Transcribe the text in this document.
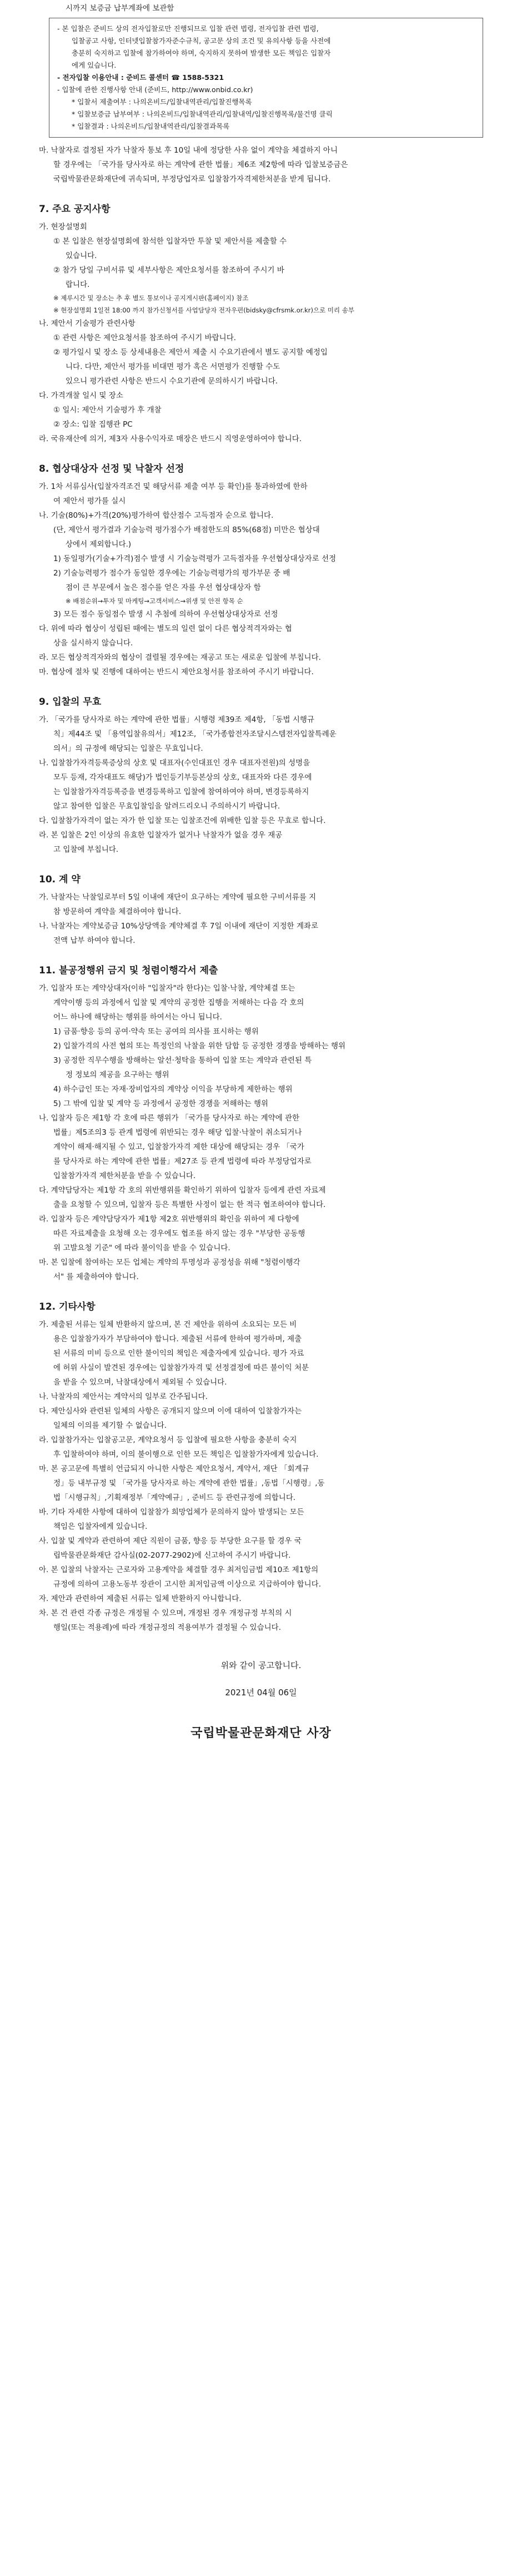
시까지 보증금 납부계좌에 보관함
- 본 입찰은 준비드 상의 전자입찰로만 진행되므로 입찰 관련 법령, 전자입찰 관련 법령,
입찰공고 사항, 인터넷입찰참가자준수규칙, 공고문 상의 조건 및 유의사항 등을 사전에
충분히 숙지하고 입찰에 참가하여야 하며, 숙지하지 못하여 발생한 모든 책임은 입찰자
에게 있습니다.
- 전자입찰 이용안내 : 준비드 콜센터 ☎ 1588-5321
- 입찰에 관한 진행사항 안내 (준비드, http://www.onbid.co.kr)
* 입찰서 제출여부 : 나의온비드/입찰내역관리/입찰진행목록
* 입찰보증금 납부여부 : 나의온비드/입찰내역관리/입찰내역/입찰진행목록/물건명 클릭
* 입찰결과 : 나의온비드/입찰내역관리/입찰결과목록
마. 낙찰자로 결정된 자가 낙찰자 통보 후 10일 내에 정당한 사유 없이 계약을 체결하지 아니
할 경우에는 「국가를 당사자로 하는 계약에 관한 법률」제6조 제2항에 따라 입찰보증금은
국립박물관문화재단에 귀속되며, 부정당업자로 입찰참가자격제한처분을 받게 됩니다.
7. 주요 공지사항
가. 현장설명회
① 본 입찰은 현장설명회에 참석한 입찰자만 투찰 및 제안서를 제출할 수
있습니다.
② 참가 당일 구비서류 및 세부사항은 제안요청서를 참조하여 주시기 바
랍니다.
※ 제루시간 및 장소는 추 후 별도 통보이나 공지게시판(홈페이지) 참조
※ 현장설명회 1일전 18:00 까지 참가신청서를 사업담당자 전자우편(bidsky@cfrsmk.or.kr)으로 미리 송부
나. 제안서 기술평가 관련사항
① 관련 사항은 제안요청서를 참조하여 주시기 바랍니다.
② 평가일시 및 장소 등 상세내용은 제안서 제출 시 수요기관에서 별도 공지할 예정입
니다. 다만, 제안서 평가를 비대면 평가 혹은 서면평가 진행할 수도
있으니 평가관련 사항은 반드시 수요기관에 문의하시기 바랍니다.
다. 가격개찰 일시 및 장소
① 일시: 제안서 기술평가 후 개찰
② 장소: 입찰 집행관 PC
라. 국유재산에 의거, 제3자 사용수익자로 매장은 반드시 직영운영하여야 합니다.
8. 협상대상자 선정 및 낙찰자 선정
가. 1차 서류심사(입찰자격조건 및 해당서류 제출 여부 등 확인)를 통과하였에 한하
여 제안서 평가를 실시
나. 기술(80%)+가격(20%)평가하여 합산점수 고득점자 순으로 합니다.
(단, 제안서 평가결과 기술능력 평가점수가 배점한도의 85%(68점) 미만은 협상대
상에서 제외합니다.)
1) 동일평가(기술+가격)점수 발생 시 기술능력평가 고득점자를 우선협상대상자로 선정
2) 기술능력평가 점수가 동일한 경우에는 기술능력평가의 평가부문 중 배
점이 큰 부문에서 높은 점수를 얻은 자를 우선 협상대상자 함
※ 배점순위→투자 및 마케팅→고객서비스→위생 및 안전 항목 순
3) 모든 점수 동일점수 발생 시 추첨에 의하여 우선협상대상자로 선정
다. 위에 따라 협상이 성립된 때에는 별도의 일련 없이 다른 협상적격자와는 협
상을 실시하지 않습니다.
라. 모든 협상적격자와의 협상이 결렬될 경우에는 재공고 또는 새로운 입찰에 부칩니다.
마. 협상에 절차 및 진행에 대하여는 반드시 제안요청서를 참조하여 주시기 바랍니다.
9. 입찰의 무효
가. 「국가를 당사자로 하는 계약에 관한 법률」시행령 제39조 제4항, 「동법 시행규
칙」제44조 및 「용역입찰유의서」제12조, 「국가종합전자조달시스템전자입찰특례운
의서」의 규정에 해당되는 입찰은 무효입니다.
나. 입찰참가자격등록증상의 상호 및 대표자(수인대표인 경우 대표자전원)의 성명을
모두 등재, 각자대표도 해당)가 법인등기부등본상의 상호, 대표자와 다른 경우에
는 입찰참가자격등록증을 변경등록하고 입찰에 참여하여야 하며, 변경등록하지
않고 참여한 입찰은 무효입찰임을 알려드리오니 주의하시기 바랍니다.
다. 입찰참가자격이 없는 자가 한 입찰 또는 입찰조건에 위배한 입찰 등은 무효로 합니다.
라. 본 입찰은 2인 이상의 유효한 입찰자가 없거나 낙찰자가 없을 경우 재공
고 입찰에 부칩니다.
10. 계 약
가. 낙찰자는 낙찰일로부터 5일 이내에 재단이 요구하는 계약에 필요한 구비서류를 지
참 방문하여 계약을 체결하여야 합니다.
나. 낙찰자는 계약보증금 10%상당액을 계약체결 후 7일 이내에 재단이 지정한 계좌로
전액 납부 하여야 합니다.
11. 불공정행위 금지 및 청렴이행각서 제출
가. 입찰자 또는 계약상대자(이하 "입찰자"라 한다)는 입찰·낙찰, 계약체결 또는
계약이행 등의 과정에서 입찰 및 계약의 공정한 집행을 저해하는 다음 각 호의
어느 하나에 해당하는 행위를 하여서는 아니 됩니다.
1) 금품·향응 등의 공여·약속 또는 공여의 의사를 표시하는 행위
2) 입찰가격의 사전 협의 또는 특정인의 낙찰을 위한 담합 등 공정한 경쟁을 방해하는 행위
3) 공정한 직무수행을 방해하는 알선·청탁을 통하여 입찰 또는 계약과 관련된 특
정 정보의 제공을 요구하는 행위
4) 하수급인 또는 자재·장비업자의 계약상 이익을 부당하게 제한하는 행위
5) 그 밖에 입찰 및 계약 등 과정에서 공정한 경쟁을 저해하는 행위
나. 입찰자 등은 제1항 각 호에 따른 행위가 「국가를 당사자로 하는 계약에 관한
법률」제5조의3 등 관계 법령에 위반되는 경우 해당 입찰·낙찰이 취소되거나
계약이 해제·해지될 수 있고, 입찰참가자격 제한 대상에 해당되는 경우 「국가
를 당사자로 하는 계약에 관한 법률」제27조 등 관계 법령에 따라 부정당업자로
입찰참가자격 제한처분을 받을 수 있습니다.
다. 계약담당자는 제1항 각 호의 위반행위를 확인하기 위하여 입찰자 등에게 관련 자료제
출을 요청할 수 있으며, 입찰자 등은 특별한 사정이 없는 한 적극 협조하여야 합니다.
라. 입찰자 등은 계약담당자가 제1항 제2호 위반행위의 확인을 위하여 제 다항에
따른 자료제출을 요청해 오는 경우에도 협조를 하지 않는 경우 "부당한 공동행
위 고발요청 기준" 에 따라 불이익을 받을 수 있습니다.
마. 본 입찰에 참여하는 모든 업체는 계약의 투명성과 공정성을 위해 "청렴이행각
서" 를 제출하여야 합니다.
12. 기타사항
가. 제출된 서류는 일체 반환하지 않으며, 본 건 제안을 위하여 소요되는 모든 비
용은 입찰참가자가 부담하여야 합니다. 제출된 서류에 한하여 평가하며, 제출
된 서류의 미비 등으로 인한 불이익의 책임은 제출자에게 있습니다. 평가 자료
에 허위 사실이 발견된 경우에는 입찰참가자격 및 선정결정에 따른 불이익 처분
을 받을 수 있으며, 낙찰대상에서 제외될 수 있습니다.
나. 낙찰자의 제안서는 계약서의 일부로 간주됩니다.
다. 제안심사와 관련된 일체의 사항은 공개되지 않으며 이에 대하여 입찰참가자는
일체의 이의를 제기할 수 없습니다.
라. 입찰참가자는 입찰공고문, 계약요청서 등 입찰에 필요한 사항을 충분히 숙지
후 입찰하여야 하며, 이의 불이행으로 인한 모든 책임은 입찰참가자에게 있습니다.
마. 본 공고문에 특별히 언급되지 아니한 사항은 제안요청서, 계약서, 재단 「회계규
정」등 내부규정 및 「국가를 당사자로 하는 계약에 관한 법률」,동법「시행령」,동
법「시행규칙」,기획재정부「계약예규」, 준비드 등 관련규정에 의합니다.
바. 기타 자세한 사항에 대하여 입찰참가 희망업체가 문의하지 않아 발생되는 모든
책임은 입찰자에게 있습니다.
사. 입찰 및 계약과 관련하여 제단 직원이 금품, 향응 등 부당한 요구를 할 경우 국
립박물관문화재단 감사실(02-2077-2902)에 신고하여 주시기 바랍니다.
아. 본 입찰의 낙찰자는 근로자와 고용계약을 체결할 경우 최저임금법 제10조 제1항의
규정에 의하여 고용노동부 장관이 고시한 최저임금액 이상으로 지급하여야 합니다.
자. 제안과 관련하여 제출된 서류는 일체 반환하지 아니합니다.
차. 본 건 관련 각종 규정은 개정될 수 있으며, 개정된 경우 개정규정 부칙의 시
행일(또는 적용례)에 따라 개정규정의 적용여부가 결정될 수 있습니다.
위와 같이 공고합니다.
2021년 04월 06일
국립박물관문화재단 사장
